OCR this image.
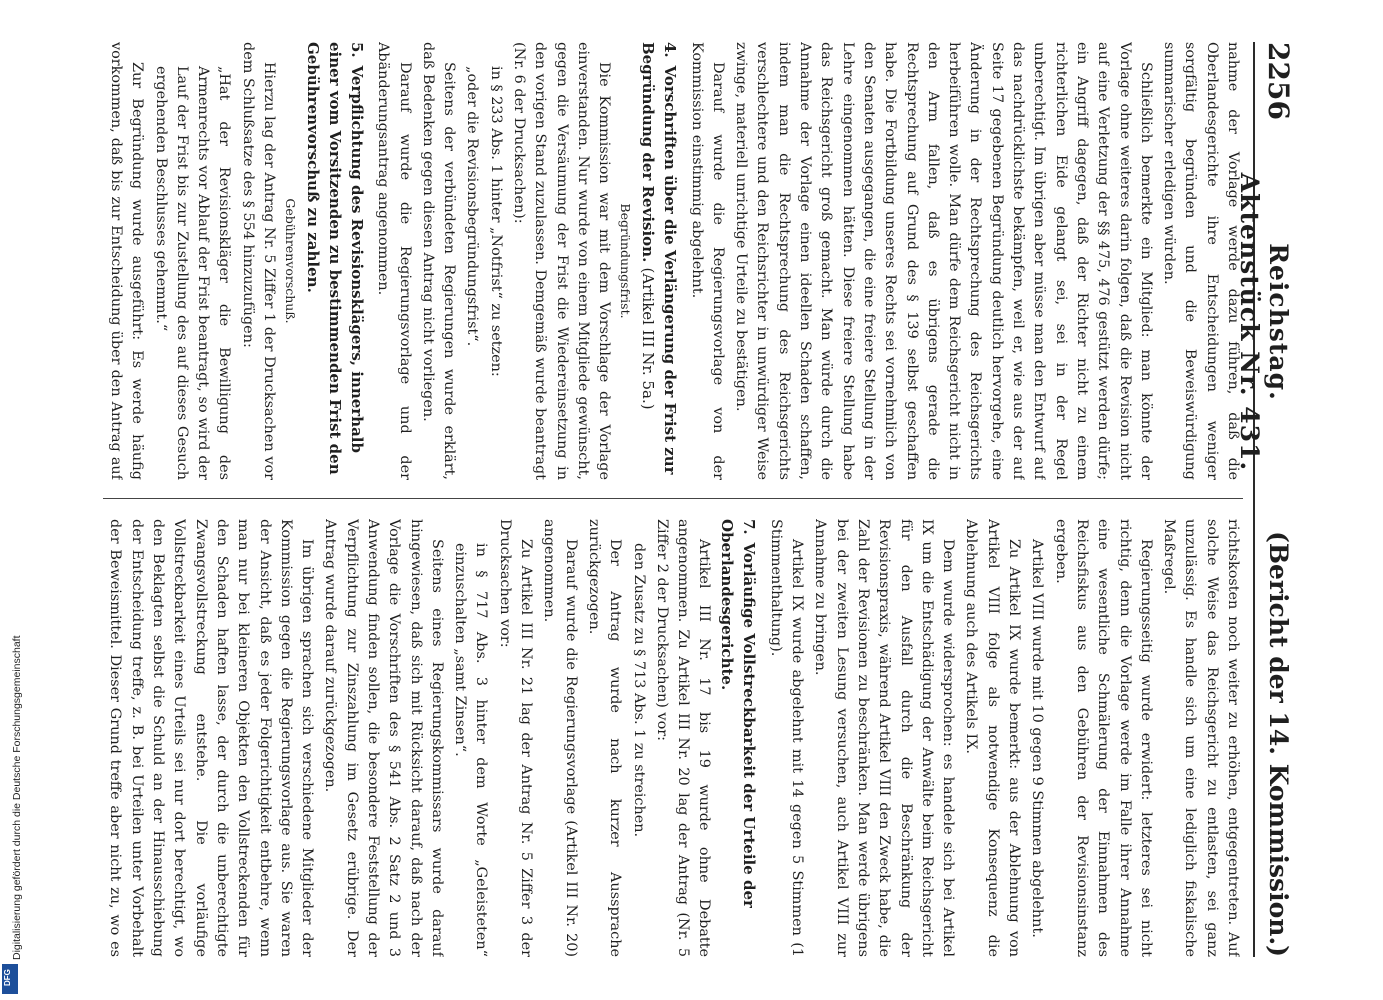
Digitalisierung gefördert durch die Deutsche Forschungsgemeinschaft
DFG
2256
Reichstag. Aktenstück Nr. 431.
(Bericht der 14. Kommission.)

nahme der Vorlage werde dazu führen, daß die Oberlandesgerichte ihre Entscheidungen weniger sorgfältig begründen und die Beweiswürdigung summarischer erledigen würden.

Schließlich bemerkte ein Mitglied: man könnte der Vorlage ohne weiteres darin folgen, daß die Revision nicht auf eine Verletzung der §§ 475, 476 gestützt werden dürfe; ein Angriff dagegen, daß der Richter nicht zu einem richterlichen Eide gelangt sei, sei in der Regel unberechtigt. Im übrigen aber müsse man den Entwurf auf das nachdrücklichste bekämpfen, weil er, wie aus der auf Seite 17 gegebenen Begründung deutlich hervorgehe, eine Änderung in der Rechtsprechung des Reichsgerichts herbeiführen wolle. Man dürfe dem Reichsgericht nicht in den Arm fallen, daß es übrigens gerade die Rechtsprechung auf Grund des § 139 selbst geschaffen habe. Die Fortbildung unseres Rechts sei vornehmlich von den Senaten ausgegangen, die eine freiere Stellung in der Lehre eingenommen hätten. Diese freiere Stellung habe das Reichsgericht groß gemacht. Man würde durch die Annahme der Vorlage einen ideellen Schaden schaffen, indem man die Rechtsprechung des Reichsgerichts verschlechtere und den Reichsrichter in unwürdiger Weise zwinge, materiell unrichtige Urteile zu bestätigen.

Darauf wurde die Regierungsvorlage von der Kommission einstimmig abgelehnt.

4.Vorschriften über die Verlängerung der Frist zur Begründung der Revision. (Artikel III Nr. 5a.)

Begründungsfrist.

Die Kommission war mit dem Vorschlage der Vorlage einverstanden. Nur wurde von einem Mitgliede gewünscht, gegen die Versäumung der Frist die Wiedereinsetzung in den vorigen Stand zuzulassen. Demgemäß wurde beantragt (Nr. 6 der Drucksachen):

in § 233 Abs. 1 hinter „Notfrist“ zu setzen:

„oder die Revisionsbegründungsfrist“.

Seitens der verbündeten Regierungen wurde erklärt, daß Bedenken gegen diesen Antrag nicht vorliegen.

Darauf wurde die Regierungsvorlage und der Abänderungsantrag angenommen.

5.Verpflichtung des Revisionsklägers, innerhalb einer vom Vorsitzenden zu bestimmenden Frist den Gebührenvorschuß zu zahlen.

Gebührenvorschuß.

Hierzu lag der Antrag Nr. 5 Ziffer 1 der Drucksachen vor dem Schlußsatze des § 554 hinzuzufügen:

„Hat der Revisionskläger die Bewilligung des Armenrechts vor Ablauf der Frist beantragt, so wird der Lauf der Frist bis zur Zustellung des auf dieses Gesuch ergehenden Beschlusses gehemmt.“

Zur Begründung wurde ausgeführt: Es werde häufig vorkommen, daß bis zur Entscheidung über den Antrag auf

richtskosten noch weiter zu erhöhen, entgegentreten. Auf solche Weise das Reichsgericht zu entlasten, sei ganz unzulässig. Es handle sich um eine lediglich fiskalische Maßregel.

Regierungsseitig wurde erwidert: letzteres sei nicht richtig, denn die Vorlage werde im Falle ihrer Annahme eine wesentliche Schmälerung der Einnahmen des Reichsfiskus aus den Gebühren der Revisionsinstanz ergeben.

Artikel VIII wurde mit 10 gegen 9 Stimmen abgelehnt.

Zu Artikel IX wurde bemerkt: aus der Ablehnung von Artikel VIII folge als notwendige Konsequenz die Ablehnung auch des Artikels IX.

Dem wurde widersprochen: es handele sich bei Artikel IX um die Entschädigung der Anwälte beim Reichsgericht für den Ausfall durch die Beschränkung der Revisionspraxis, während Artikel VIII den Zweck habe, die Zahl der Revisionen zu beschränken. Man werde übrigens bei der zweiten Lesung versuchen, auch Artikel VIII zur Annahme zu bringen.

Artikel IX wurde abgelehnt mit 14 gegen 5 Stimmen (1 Stimmenthaltung).

7.Vorläufige Vollstreckbarkeit der Urteile der Oberlandesgerichte.

Artikel III Nr. 17 bis 19 wurde ohne Debatte angenommen. Zu Artikel III Nr. 20 lag der Antrag (Nr. 5 Ziffer 2 der Drucksachen) vor:

den Zusatz zu § 713 Abs. 1 zu streichen.

Der Antrag wurde nach kurzer Aussprache zurückgezogen.

Darauf wurde die Regierungsvorlage (Artikel III Nr. 20) angenommen.

Zu Artikel III Nr. 21 lag der Antrag Nr. 5 Ziffer 3 der Drucksachen vor:

in § 717 Abs. 3 hinter dem Worte „Geleisteten“ einzuschalten „samt Zinsen“.

Seitens eines Regierungskommissars wurde darauf hingewiesen, daß sich mit Rücksicht darauf, daß nach der Vorlage die Vorschriften des § 541 Abs. 2 Satz 2 und 3 Anwendung finden sollen, die besondere Feststellung der Verpflichtung zur Zinszahlung im Gesetz erübrige. Der Antrag wurde darauf zurückgezogen.

Im übrigen sprachen sich verschiedene Mitglieder der Kommission gegen die Regierungsvorlage aus. Sie waren der Ansicht, daß es jeder Folgerichtigkeit entbehre, wenn man nur bei kleineren Objekten den Vollstreckenden für den Schaden haften lasse, der durch die unberechtigte Zwangsvollstreckung entstehe. Die vorläufige Vollstreckbarkeit eines Urteils sei nur dort berechtigt, wo den Beklagten selbst die Schuld an der Hinausschiebung der Entscheidung treffe, z. B. bei Urteilen unter Vorbehalt der Beweismittel. Dieser Grund treffe aber nicht zu, wo es
